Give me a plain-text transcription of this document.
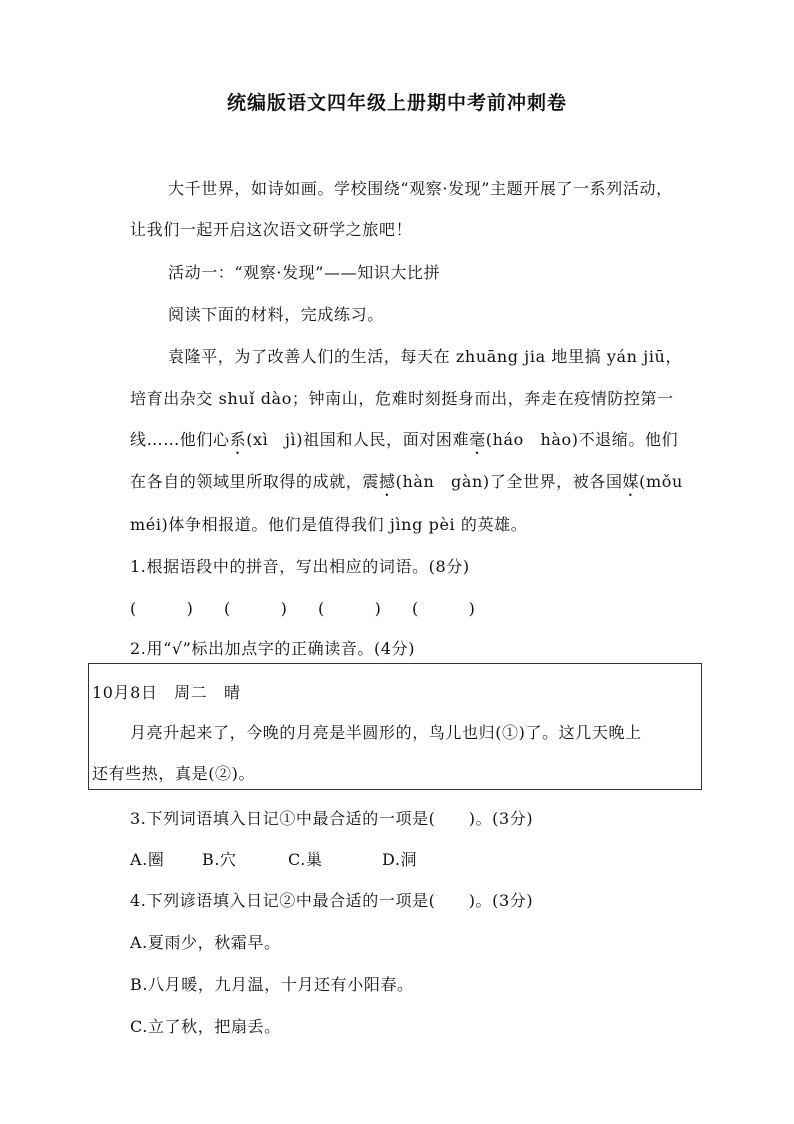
统编版语文四年级上册期中考前冲刺卷
大千世界，如诗如画。学校围绕“观察·发现”主题开展了一系列活动，
让我们一起开启这次语文研学之旅吧！
活动一：“观察·发现”——知识大比拼
阅读下面的材料，完成练习。
袁隆平，为了改善人们的生活，每天在 zhuāng jia 地里搞 yán jiū，
培育出杂交 shuǐ dào；钟南山，危难时刻挺身而出，奔走在疫情防控第一
线……他们心系(xì　jì)祖国和人民，面对困难毫(háo　hào)不退缩。他们
在各自的领域里所取得的成就，震撼(hàn　gàn)了全世界，被各国媒(mǒu
méi)体争相报道。他们是值得我们 jìng pèi 的英雄。
1.根据语段中的拼音，写出相应的词语。(8分)
(　　　) (　　　) (　　　) (　　　)
2.用“√”标出加点字的正确读音。(4分)
10月8日　周二　晴
月亮升起来了，今晚的月亮是半圆形的，鸟儿也归(①)了。这几天晚上
还有些热，真是(②)。
3.下列词语填入日记①中最合适的一项是(　　)。(3分)
A.圈 B.穴	C.巢	D.洞
4.下列谚语填入日记②中最合适的一项是(　　)。(3分)
A.夏雨少，秋霜早。
B.八月暖，九月温，十月还有小阳春。
C.立了秋，把扇丢。
